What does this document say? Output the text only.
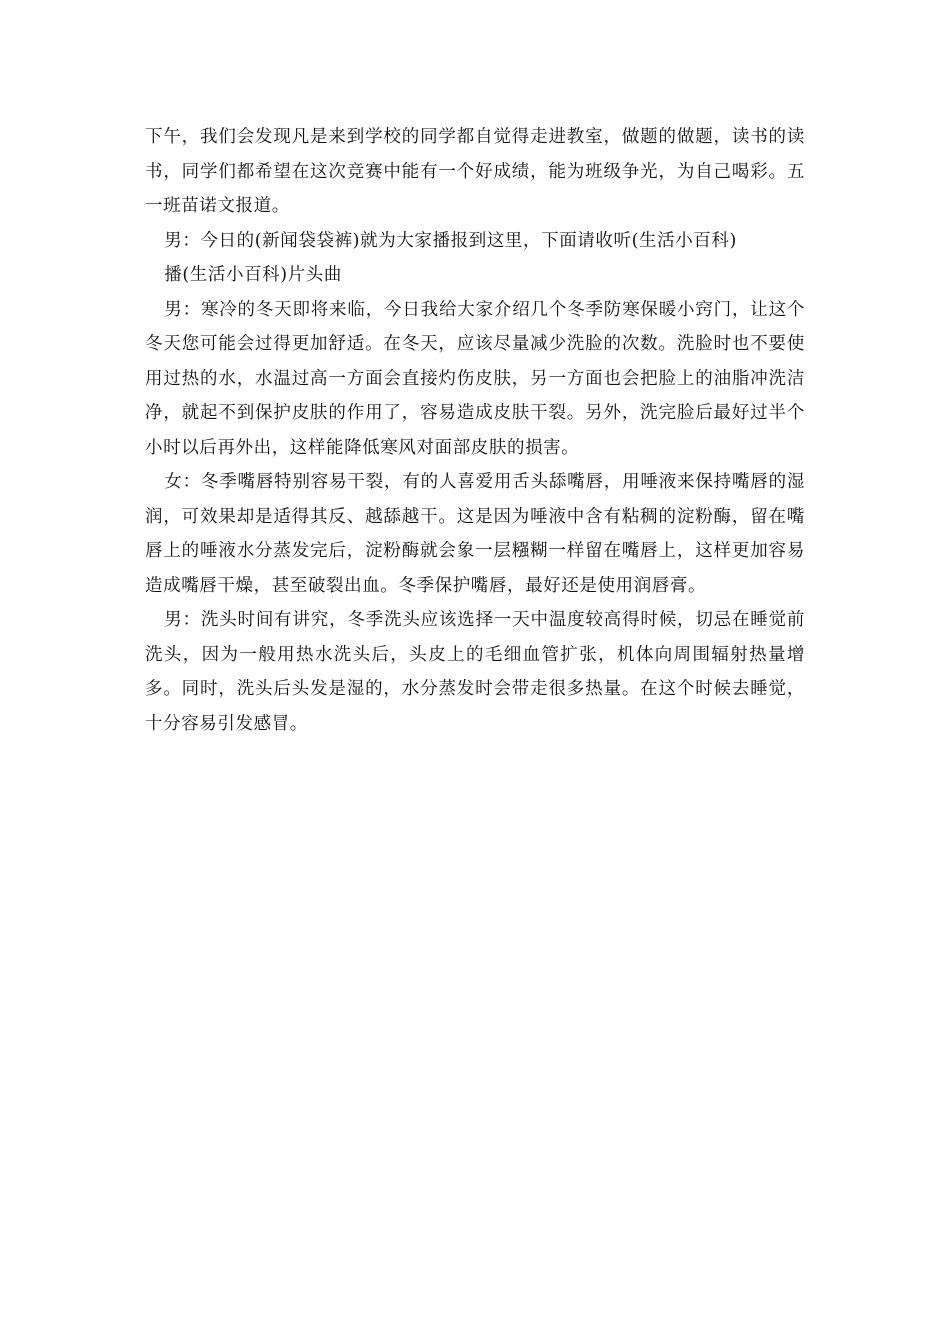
下午，我们会发现凡是来到学校的同学都自觉得走进教室，做题的做题，读书的读书，同学们都希望在这次竞赛中能有一个好成绩，能为班级争光，为自己喝彩。五一班苗诺文报道。

男：今日的(新闻袋袋裤)就为大家播报到这里，下面请收听(生活小百科)

播(生活小百科)片头曲

男：寒冷的冬天即将来临，今日我给大家介绍几个冬季防寒保暖小窍门，让这个冬天您可能会过得更加舒适。在冬天，应该尽量减少洗脸的次数。洗脸时也不要使用过热的水，水温过高一方面会直接灼伤皮肤，另一方面也会把脸上的油脂冲洗洁净，就起不到保护皮肤的作用了，容易造成皮肤干裂。另外，洗完脸后最好过半个小时以后再外出，这样能降低寒风对面部皮肤的损害。

女：冬季嘴唇特别容易干裂，有的人喜爱用舌头舔嘴唇，用唾液来保持嘴唇的湿润，可效果却是适得其反、越舔越干。这是因为唾液中含有粘稠的淀粉酶，留在嘴唇上的唾液水分蒸发完后，淀粉酶就会象一层糨糊一样留在嘴唇上，这样更加容易造成嘴唇干燥，甚至破裂出血。冬季保护嘴唇，最好还是使用润唇膏。

男：洗头时间有讲究，冬季洗头应该选择一天中温度较高得时候，切忌在睡觉前洗头，因为一般用热水洗头后，头皮上的毛细血管扩张，机体向周围辐射热量增多。同时，洗头后头发是湿的，水分蒸发时会带走很多热量。在这个时候去睡觉，十分容易引发感冒。
